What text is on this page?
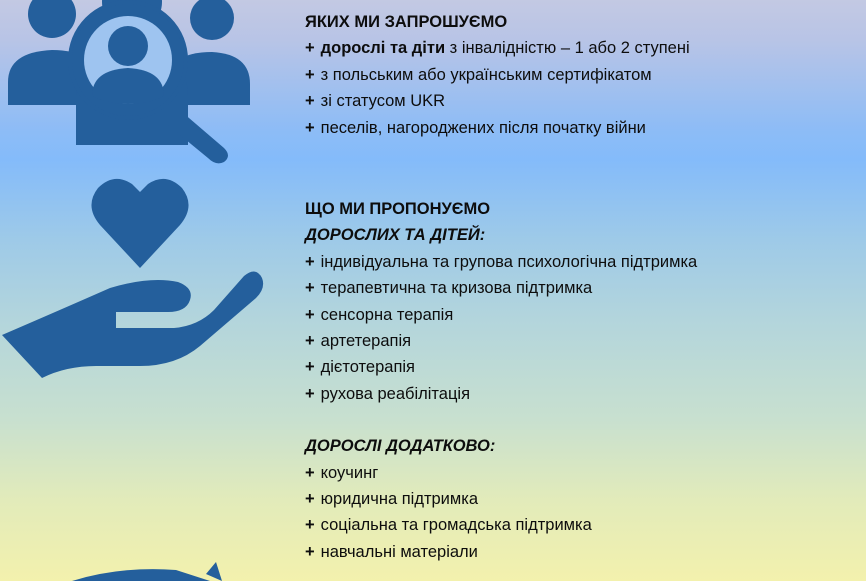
ЯКИХ МИ ЗАПРОШУЄМО
+ дорослі та діти з інвалідністю – 1 або 2 ступені
+ з польським або українським сертифікатом
+ зі статусом UKR
+ песелів, нагороджених після початку війни
ЩО МИ ПРОПОНУЄМО
ДОРОСЛИХ ТА ДІТЕЙ:
+ індивідуальна та групова психологічна підтримка
+ терапевтична та кризова підтримка
+ сенсорна терапія
+ артетерапія
+ дієтотерапія
+ рухова реабілітація
ДОРОСЛІ ДОДАТКОВО:
+ коучинг
+ юридична підтримка
+ соціальна та громадська підтримка
+ навчальні матеріали
